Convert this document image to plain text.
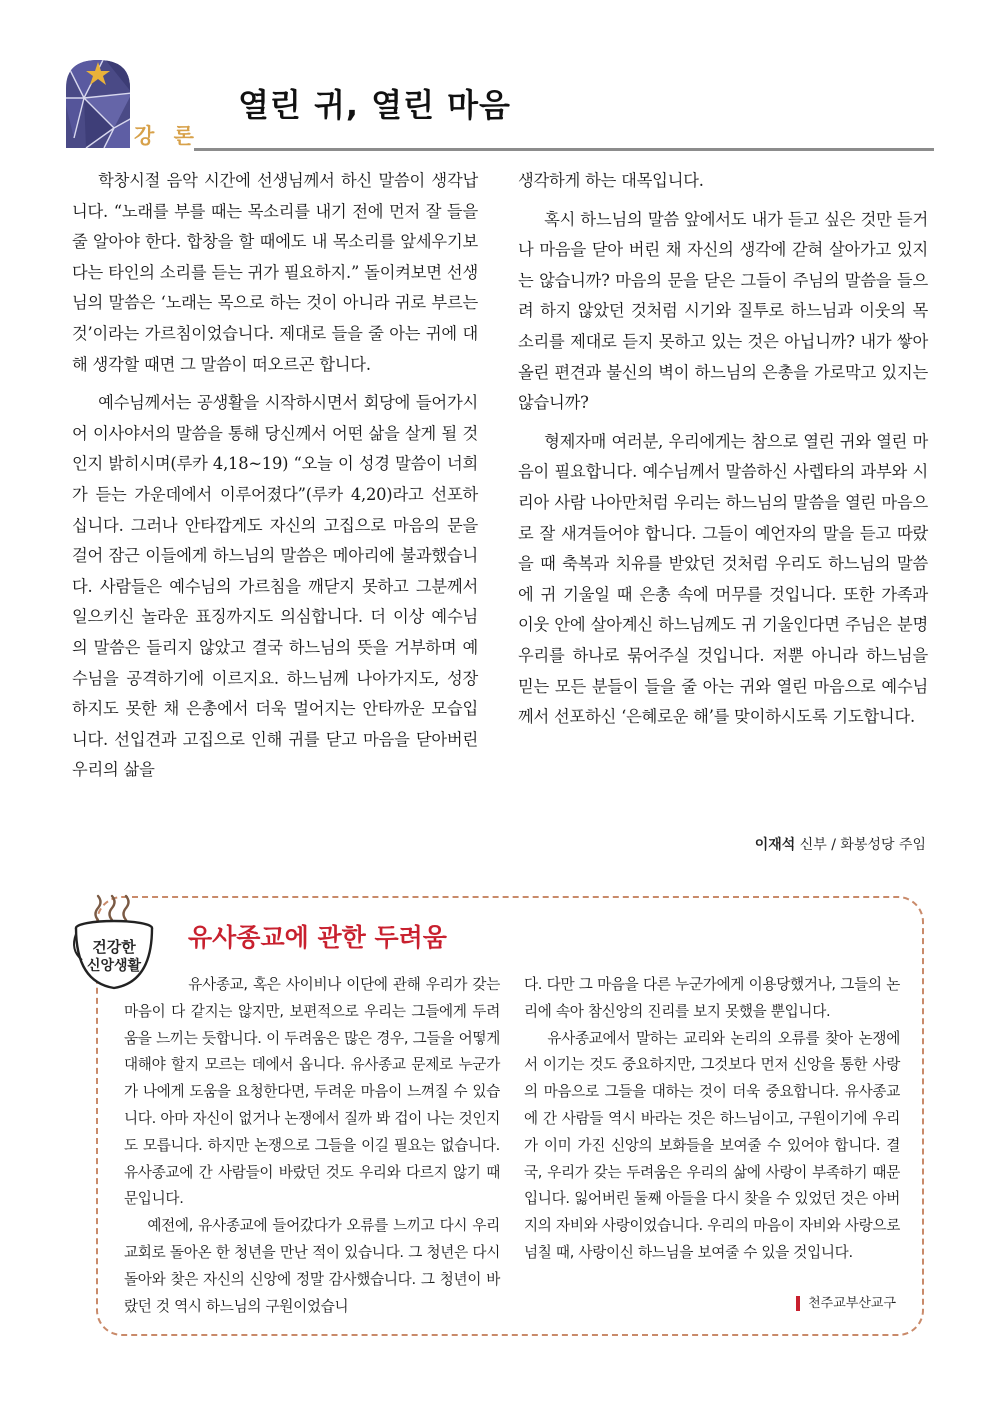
강 론
열린 귀, 열린 마음

학창시절 음악 시간에 선생님께서 하신 말씀이 생각납니다. “노래를 부를 때는 목소리를 내기 전에 먼저 잘 들을 줄 알아야 한다. 합창을 할 때에도 내 목소리를 앞세우기보다는 타인의 소리를 듣는 귀가 필요하지.” 돌이켜보면 선생님의 말씀은 ‘노래는 목으로 하는 것이 아니라 귀로 부르는 것’이라는 가르침이었습니다. 제대로 들을 줄 아는 귀에 대해 생각할 때면 그 말씀이 떠오르곤 합니다.

예수님께서는 공생활을 시작하시면서 회당에 들어가시어 이사야서의 말씀을 통해 당신께서 어떤 삶을 살게 될 것인지 밝히시며(루카 4,18~19) “오늘 이 성경 말씀이 너희가 듣는 가운데에서 이루어졌다”(루카 4,20)라고 선포하십니다. 그러나 안타깝게도 자신의 고집으로 마음의 문을 걸어 잠근 이들에게 하느님의 말씀은 메아리에 불과했습니다. 사람들은 예수님의 가르침을 깨닫지 못하고 그분께서 일으키신 놀라운 표징까지도 의심합니다. 더 이상 예수님의 말씀은 들리지 않았고 결국 하느님의 뜻을 거부하며 예수님을 공격하기에 이르지요. 하느님께 나아가지도, 성장하지도 못한 채 은총에서 더욱 멀어지는 안타까운 모습입니다. 선입견과 고집으로 인해 귀를 닫고 마음을 닫아버린 우리의 삶을

생각하게 하는 대목입니다.

혹시 하느님의 말씀 앞에서도 내가 듣고 싶은 것만 듣거나 마음을 닫아 버린 채 자신의 생각에 갇혀 살아가고 있지는 않습니까? 마음의 문을 닫은 그들이 주님의 말씀을 들으려 하지 않았던 것처럼 시기와 질투로 하느님과 이웃의 목소리를 제대로 듣지 못하고 있는 것은 아닙니까? 내가 쌓아 올린 편견과 불신의 벽이 하느님의 은총을 가로막고 있지는 않습니까?

형제자매 여러분, 우리에게는 참으로 열린 귀와 열린 마음이 필요합니다. 예수님께서 말씀하신 사렙타의 과부와 시리아 사람 나아만처럼 우리는 하느님의 말씀을 열린 마음으로 잘 새겨들어야 합니다. 그들이 예언자의 말을 듣고 따랐을 때 축복과 치유를 받았던 것처럼 우리도 하느님의 말씀에 귀 기울일 때 은총 속에 머무를 것입니다. 또한 가족과 이웃 안에 살아계신 하느님께도 귀 기울인다면 주님은 분명 우리를 하나로 묶어주실 것입니다. 저뿐 아니라 하느님을 믿는 모든 분들이 들을 줄 아는 귀와 열린 마음으로 예수님께서 선포하신 ‘은혜로운 해’를 맞이하시도록 기도합니다.

이재석 신부 / 화봉성당 주임
건강한
신앙생활
유사종교에 관한 두려움

유사종교, 혹은 사이비나 이단에 관해 우리가 갖는 마음이 다 같지는 않지만, 보편적으로 우리는 그들에게 두려움을 느끼는 듯합니다. 이 두려움은 많은 경우, 그들을 어떻게 대해야 할지 모르는 데에서 옵니다. 유사종교 문제로 누군가가 나에게 도움을 요청한다면, 두려운 마음이 느껴질 수 있습니다. 아마 자신이 없거나 논쟁에서 질까 봐 겁이 나는 것인지도 모릅니다. 하지만 논쟁으로 그들을 이길 필요는 없습니다. 유사종교에 간 사람들이 바랐던 것도 우리와 다르지 않기 때문입니다.

예전에, 유사종교에 들어갔다가 오류를 느끼고 다시 우리 교회로 돌아온 한 청년을 만난 적이 있습니다. 그 청년은 다시 돌아와 찾은 자신의 신앙에 정말 감사했습니다. 그 청년이 바랐던 것 역시 하느님의 구원이었습니

다. 다만 그 마음을 다른 누군가에게 이용당했거나, 그들의 논리에 속아 참신앙의 진리를 보지 못했을 뿐입니다.

유사종교에서 말하는 교리와 논리의 오류를 찾아 논쟁에서 이기는 것도 중요하지만, 그것보다 먼저 신앙을 통한 사랑의 마음으로 그들을 대하는 것이 더욱 중요합니다. 유사종교에 간 사람들 역시 바라는 것은 하느님이고, 구원이기에 우리가 이미 가진 신앙의 보화들을 보여줄 수 있어야 합니다. 결국, 우리가 갖는 두려움은 우리의 삶에 사랑이 부족하기 때문입니다. 잃어버린 둘째 아들을 다시 찾을 수 있었던 것은 아버지의 자비와 사랑이었습니다. 우리의 마음이 자비와 사랑으로 넘칠 때, 사랑이신 하느님을 보여줄 수 있을 것입니다.

천주교부산교구
